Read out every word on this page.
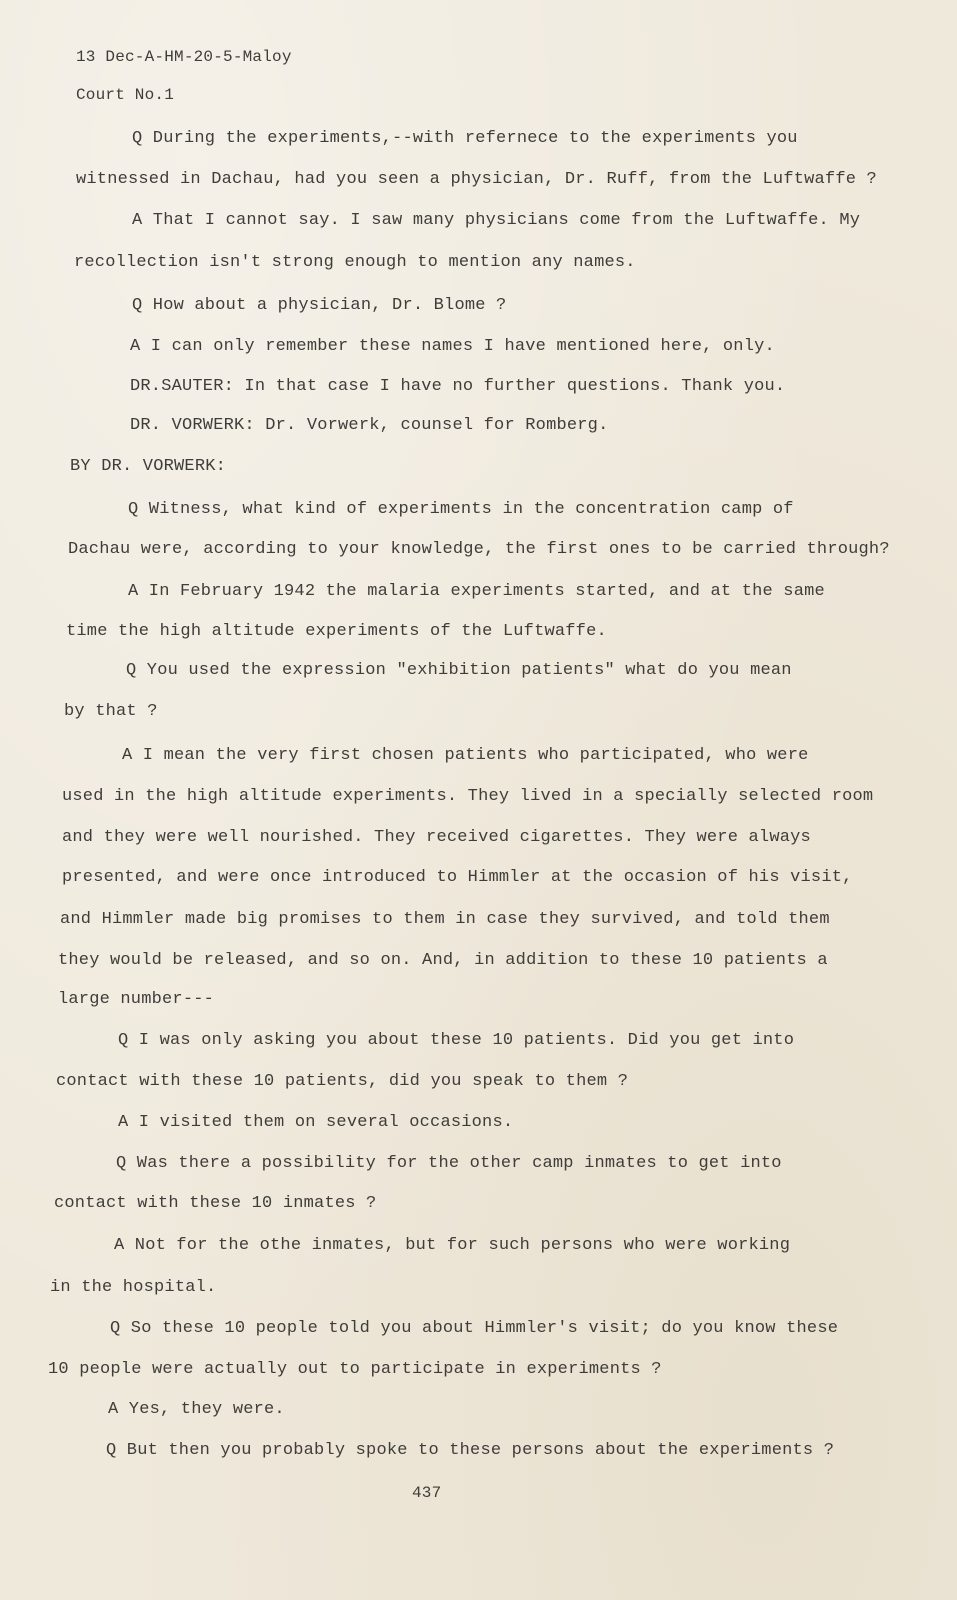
13 Dec-A-HM-20-5-Maloy
Court No.1
Q During the experiments,--with refernece to the experiments you
witnessed in Dachau, had you seen a physician, Dr. Ruff, from the Luftwaffe ?
A That I cannot say. I saw many physicians come from the Luftwaffe. My
recollection isn't strong enough to mention any names.
Q How about a physician, Dr. Blome ?
A I can only remember these names I have mentioned here, only.
DR.SAUTER: In that case I have no further questions. Thank you.
DR. VORWERK: Dr. Vorwerk, counsel for Romberg.
BY DR. VORWERK:
Q Witness, what kind of experiments in the concentration camp of
Dachau were, according to your knowledge, the first ones to be carried through?
A In February 1942 the malaria experiments started, and at the same
time the high altitude experiments of the Luftwaffe.
Q You used the expression "exhibition patients" what do you mean
by that ?
A I mean the very first chosen patients who participated, who were
used in the high altitude experiments. They lived in a specially selected room
and they were well nourished. They received cigarettes. They were always
presented, and were once introduced to Himmler at the occasion of his visit,
and Himmler made big promises to them in case they survived, and told them
they would be released, and so on. And, in addition to these 10 patients a
large number---
Q I was only asking you about these 10 patients. Did you get into
contact with these 10 patients, did you speak to them ?
A I visited them on several occasions.
Q Was there a possibility for the other camp inmates to get into
contact with these 10 inmates ?
A Not for the othe inmates, but for such persons who were working
in the hospital.
Q So these 10 people told you about Himmler's visit; do you know these
10 people were actually out to participate in experiments ?
A Yes, they were.
Q But then you probably spoke to these persons about the experiments ?
437
